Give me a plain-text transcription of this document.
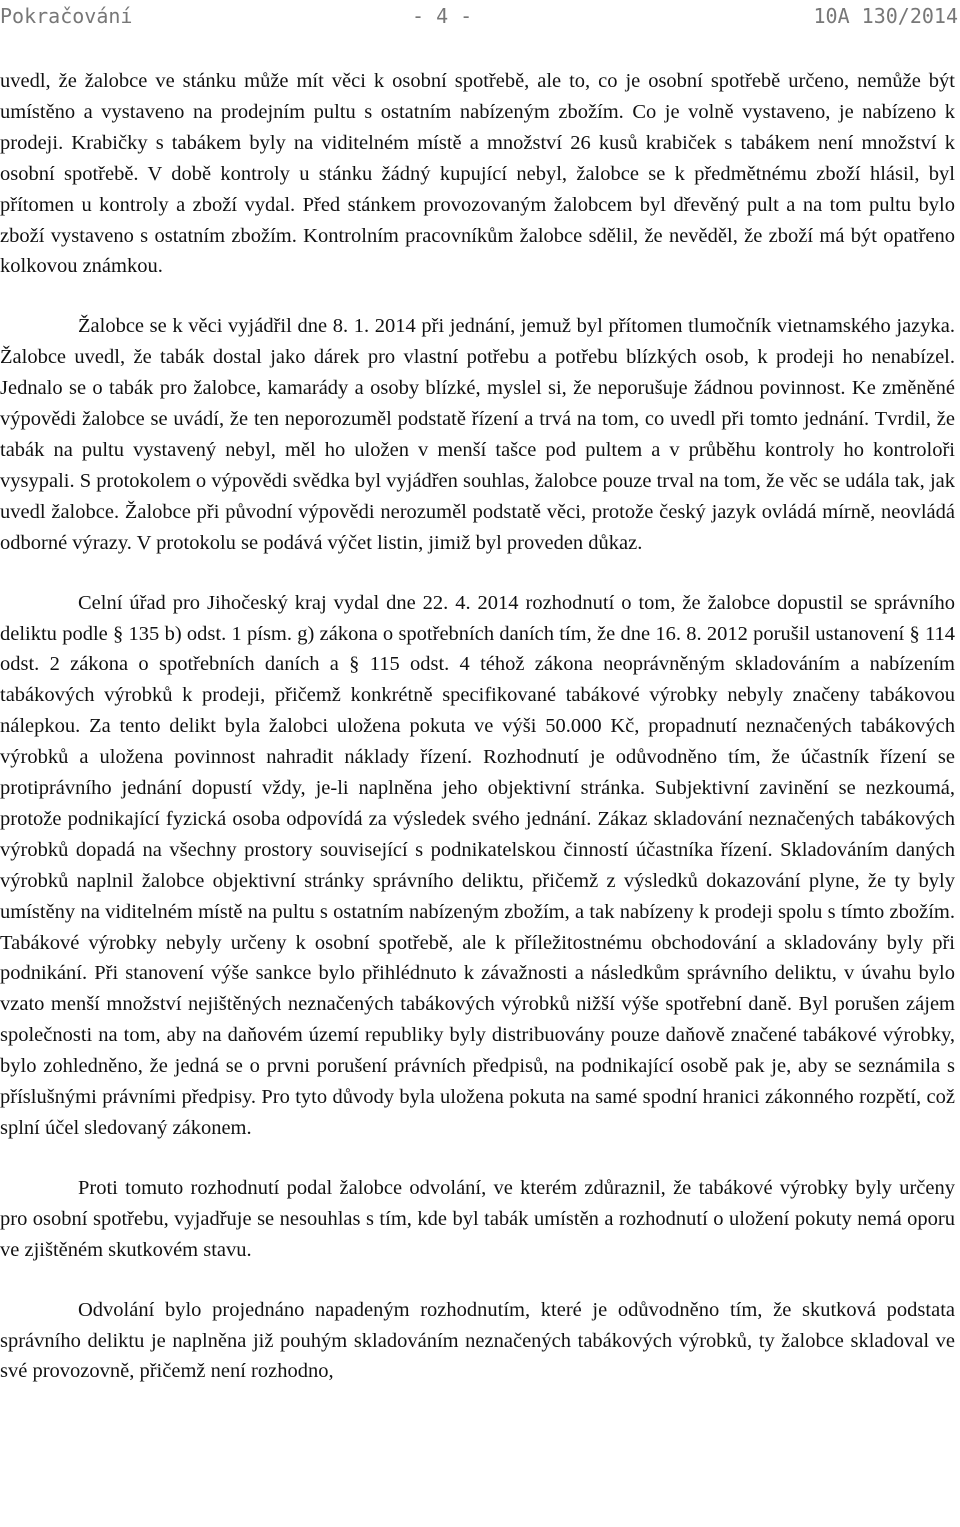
Pokračování	- 4 -	10A 130/2014

uvedl, že žalobce ve stánku může mít věci k osobní spotřebě, ale to, co je osobní spotřebě určeno, nemůže být umístěno a vystaveno na prodejním pultu s ostatním nabízeným zbožím. Co je volně vystaveno, je nabízeno k prodeji. Krabičky s tabákem byly na viditelném místě a množství 26 kusů krabiček s tabákem není množství k osobní spotřebě. V době kontroly u stánku žádný kupující nebyl, žalobce se k předmětnému zboží hlásil, byl přítomen u kontroly a zboží vydal. Před stánkem provozovaným žalobcem byl dřevěný pult a na tom pultu bylo zboží vystaveno s ostatním zbožím. Kontrolním pracovníkům žalobce sdělil, že nevěděl, že zboží má být opatřeno kolkovou známkou.

Žalobce se k věci vyjádřil dne 8. 1. 2014 při jednání, jemuž byl přítomen tlumočník vietnamského jazyka. Žalobce uvedl, že tabák dostal jako dárek pro vlastní potřebu a potřebu blízkých osob, k prodeji ho nenabízel. Jednalo se o tabák pro žalobce, kamarády a osoby blízké, myslel si, že neporušuje žádnou povinnost. Ke změněné výpovědi žalobce se uvádí, že ten neporozuměl podstatě řízení a trvá na tom, co uvedl při tomto jednání. Tvrdil, že tabák na pultu vystavený nebyl, měl ho uložen v menší tašce pod pultem a v průběhu kontroly ho kontroloři vysypali. S protokolem o výpovědi svědka byl vyjádřen souhlas, žalobce pouze trval na tom, že věc se udála tak, jak uvedl žalobce. Žalobce při původní výpovědi nerozuměl podstatě věci, protože český jazyk ovládá mírně, neovládá odborné výrazy. V protokolu se podává výčet listin, jimiž byl proveden důkaz.

Celní úřad pro Jihočeský kraj vydal dne 22. 4. 2014 rozhodnutí o tom, že žalobce dopustil se správního deliktu podle § 135 b) odst. 1 písm. g) zákona o spotřebních daních tím, že dne 16. 8. 2012 porušil ustanovení § 114 odst. 2 zákona o spotřebních daních a § 115 odst. 4 téhož zákona neoprávněným skladováním a nabízením tabákových výrobků k prodeji, přičemž konkrétně specifikované tabákové výrobky nebyly značeny tabákovou nálepkou. Za tento delikt byla žalobci uložena pokuta ve výši 50.000 Kč, propadnutí neznačených tabákových výrobků a uložena povinnost nahradit náklady řízení. Rozhodnutí je odůvodněno tím, že účastník řízení se protiprávního jednání dopustí vždy, je-li naplněna jeho objektivní stránka. Subjektivní zavinění se nezkoumá, protože podnikající fyzická osoba odpovídá za výsledek svého jednání. Zákaz skladování neznačených tabákových výrobků dopadá na všechny prostory související s podnikatelskou činností účastníka řízení. Skladováním daných výrobků naplnil žalobce objektivní stránky správního deliktu, přičemž z výsledků dokazování plyne, že ty byly umístěny na viditelném místě na pultu s ostatním nabízeným zbožím, a tak nabízeny k prodeji spolu s tímto zbožím. Tabákové výrobky nebyly určeny k osobní spotřebě, ale k příležitostnému obchodování a skladovány byly při podnikání. Při stanovení výše sankce bylo přihlédnuto k závažnosti a následkům správního deliktu, v úvahu bylo vzato menší množství nejištěných neznačených tabákových výrobků nižší výše spotřební daně. Byl porušen zájem společnosti na tom, aby na daňovém území republiky byly distribuovány pouze daňově značené tabákové výrobky, bylo zohledněno, že jedná se o prvni porušení právních předpisů, na podnikající osobě pak je, aby se seznámila s příslušnými právními předpisy. Pro tyto důvody byla uložena pokuta na samé spodní hranici zákonného rozpětí, což splní účel sledovaný zákonem.

Proti tomuto rozhodnutí podal žalobce odvolání, ve kterém zdůraznil, že tabákové výrobky byly určeny pro osobní spotřebu, vyjadřuje se nesouhlas s tím, kde byl tabák umístěn a rozhodnutí o uložení pokuty nemá oporu ve zjištěném skutkovém stavu.

Odvolání bylo projednáno napadeným rozhodnutím, které je odůvodněno tím, že skutková podstata správního deliktu je naplněna již pouhým skladováním neznačených tabákových výrobků, ty žalobce skladoval ve své provozovně, přičemž není rozhodno,
